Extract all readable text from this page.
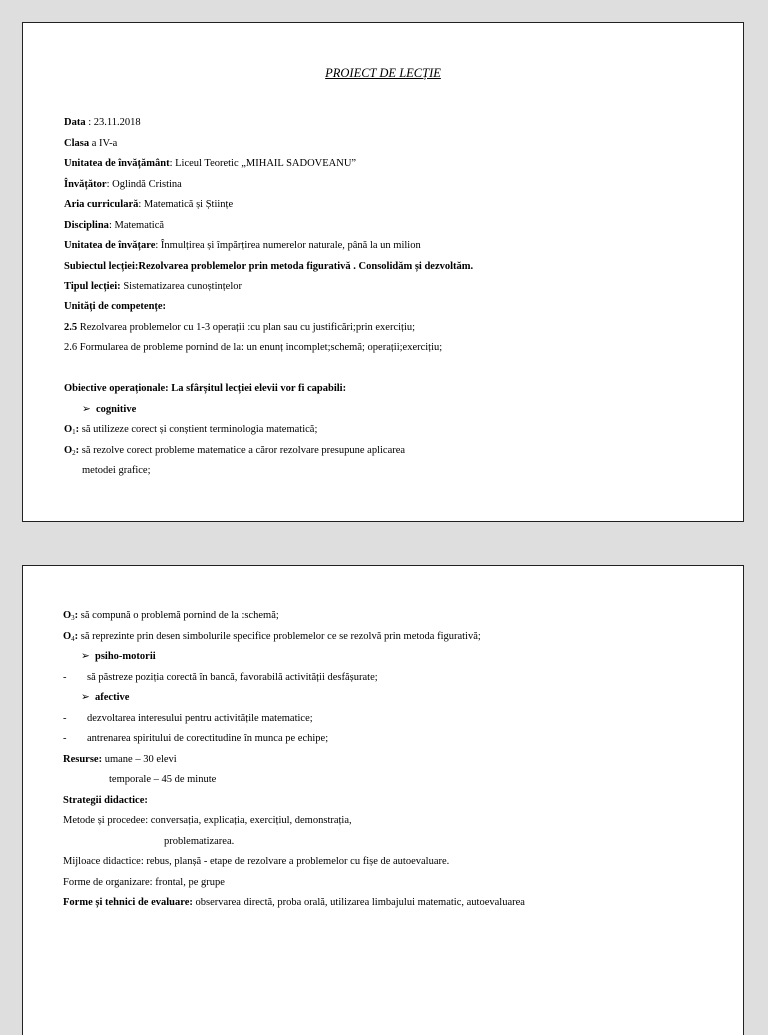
PROIECT DE LECȚIE
Data : 23.11.2018
Clasa a IV-a
Unitatea de învățământ: Liceul Teoretic „MIHAIL SADOVEANU”
Învățător: Oglindă Cristina
Aria curriculară: Matematică și Științe
Disciplina: Matematică
Unitatea de învățare: Înmulțirea și împărțirea numerelor naturale, până la un milion
Subiectul lecției:Rezolvarea problemelor prin metoda figurativă . Consolidăm și dezvoltăm.
Tipul lecției: Sistematizarea cunoștințelor
Unități de competențe:
2.5 Rezolvarea problemelor cu 1-3 operații :cu plan sau cu justificări;prin exercițiu;
2.6 Formularea de probleme pornind de la: un enunț incomplet;schemă; operații;exercițiu;
Obiective operaționale: La sfârșitul lecției elevii vor fi capabili:
➢ cognitive
$O_1$: să utilizeze corect și conștient terminologia matematică;
$O_2$: să rezolve corect probleme matematice a căror rezolvare presupune aplicarea
metodei grafice;
$O_3$: să compună o problemă pornind de la :schemă;
$O_4$: să reprezinte prin desen simbolurile specifice problemelor ce se rezolvă prin metoda figurativă;
➢ psiho-motorii
- să păstreze poziția corectă în bancă, favorabilă activității desfășurate;
➢ afective
- dezvoltarea interesului pentru activitățile matematice;
- antrenarea spiritului de corectitudine în munca pe echipe;
Resurse: umane – 30 elevi
temporale – 45 de minute
Strategii didactice:
Metode și procedee: conversația, explicația, exercițiul, demonstrația,
problematizarea.
Mijloace didactice: rebus, planșă - etape de rezolvare a problemelor cu fișe de autoevaluare.
Forme de organizare: frontal, pe grupe
Forme și tehnici de evaluare: observarea directă, proba orală, utilizarea limbajului matematic, autoevaluarea
